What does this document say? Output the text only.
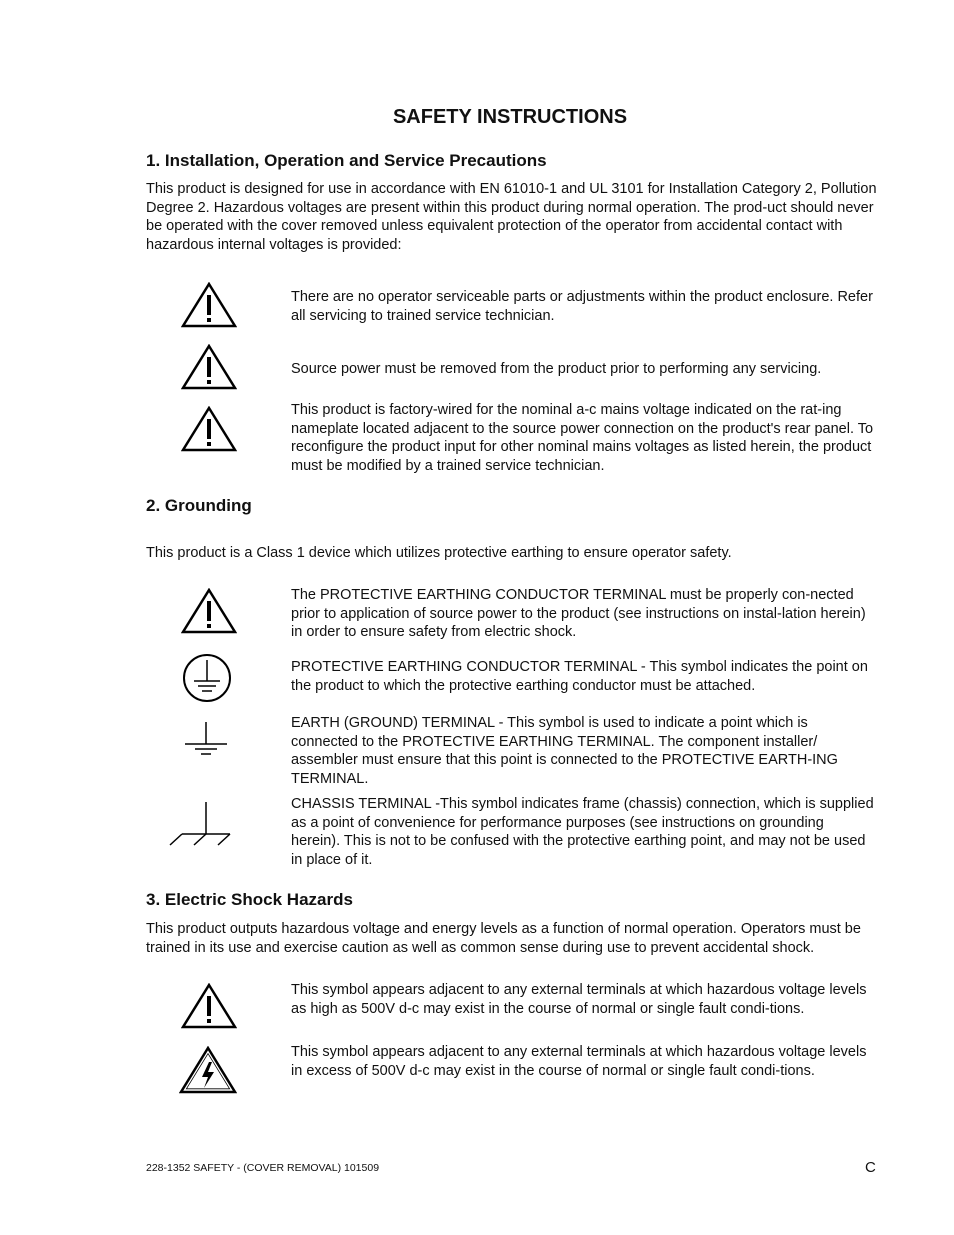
SAFETY INSTRUCTIONS
1. Installation, Operation and Service Precautions

This product is designed for use in accordance with EN 61010-1 and UL 3101 for Installation Category 2, Pollution Degree 2. Hazardous voltages are present within this product during normal operation. The prod-uct should never be operated with the cover removed unless equivalent protection of the operator from accidental contact with hazardous internal voltages is provided:

There are no operator serviceable parts or adjustments within the product enclosure. Refer all servicing to trained service technician.

Source power must be removed from the product prior to performing any servicing.

This product is factory-wired for the nominal a-c mains voltage indicated on the rat-ing nameplate located adjacent to the source power connection on the product's rear panel. To reconfigure the product input for other nominal mains voltages as listed herein, the product must be modified by a trained service technician.

2. Grounding

This product is a Class 1 device which utilizes protective earthing to ensure operator safety.

The PROTECTIVE EARTHING CONDUCTOR TERMINAL must be properly con-nected prior to application of source power to the product (see instructions on instal-lation herein) in order to ensure safety from electric shock.

PROTECTIVE EARTHING CONDUCTOR TERMINAL - This symbol indicates the point on the product to which the protective earthing conductor must be attached.

EARTH (GROUND) TERMINAL - This symbol is used to indicate a point which is connected to the PROTECTIVE EARTHING TERMINAL. The component installer/ assembler must ensure that this point is connected to the PROTECTIVE EARTH-ING TERMINAL.

CHASSIS TERMINAL -This symbol indicates frame (chassis) connection, which is supplied as a point of convenience for performance purposes (see instructions on grounding herein). This is not to be confused with the protective earthing point, and may not be used in place of it.

3. Electric Shock Hazards

This product outputs hazardous voltage and energy levels as a function of normal operation. Operators must be trained in its use and exercise caution as well as common sense during use to prevent accidental shock.

This symbol appears adjacent to any external terminals at which hazardous voltage levels as high as 500V d-c may exist in the course of normal or single fault condi-tions.

This symbol appears adjacent to any external terminals at which hazardous voltage levels in excess of 500V d-c may exist in the course of normal or single fault condi-tions.

228-1352 SAFETY - (COVER REMOVAL) 101509	C
